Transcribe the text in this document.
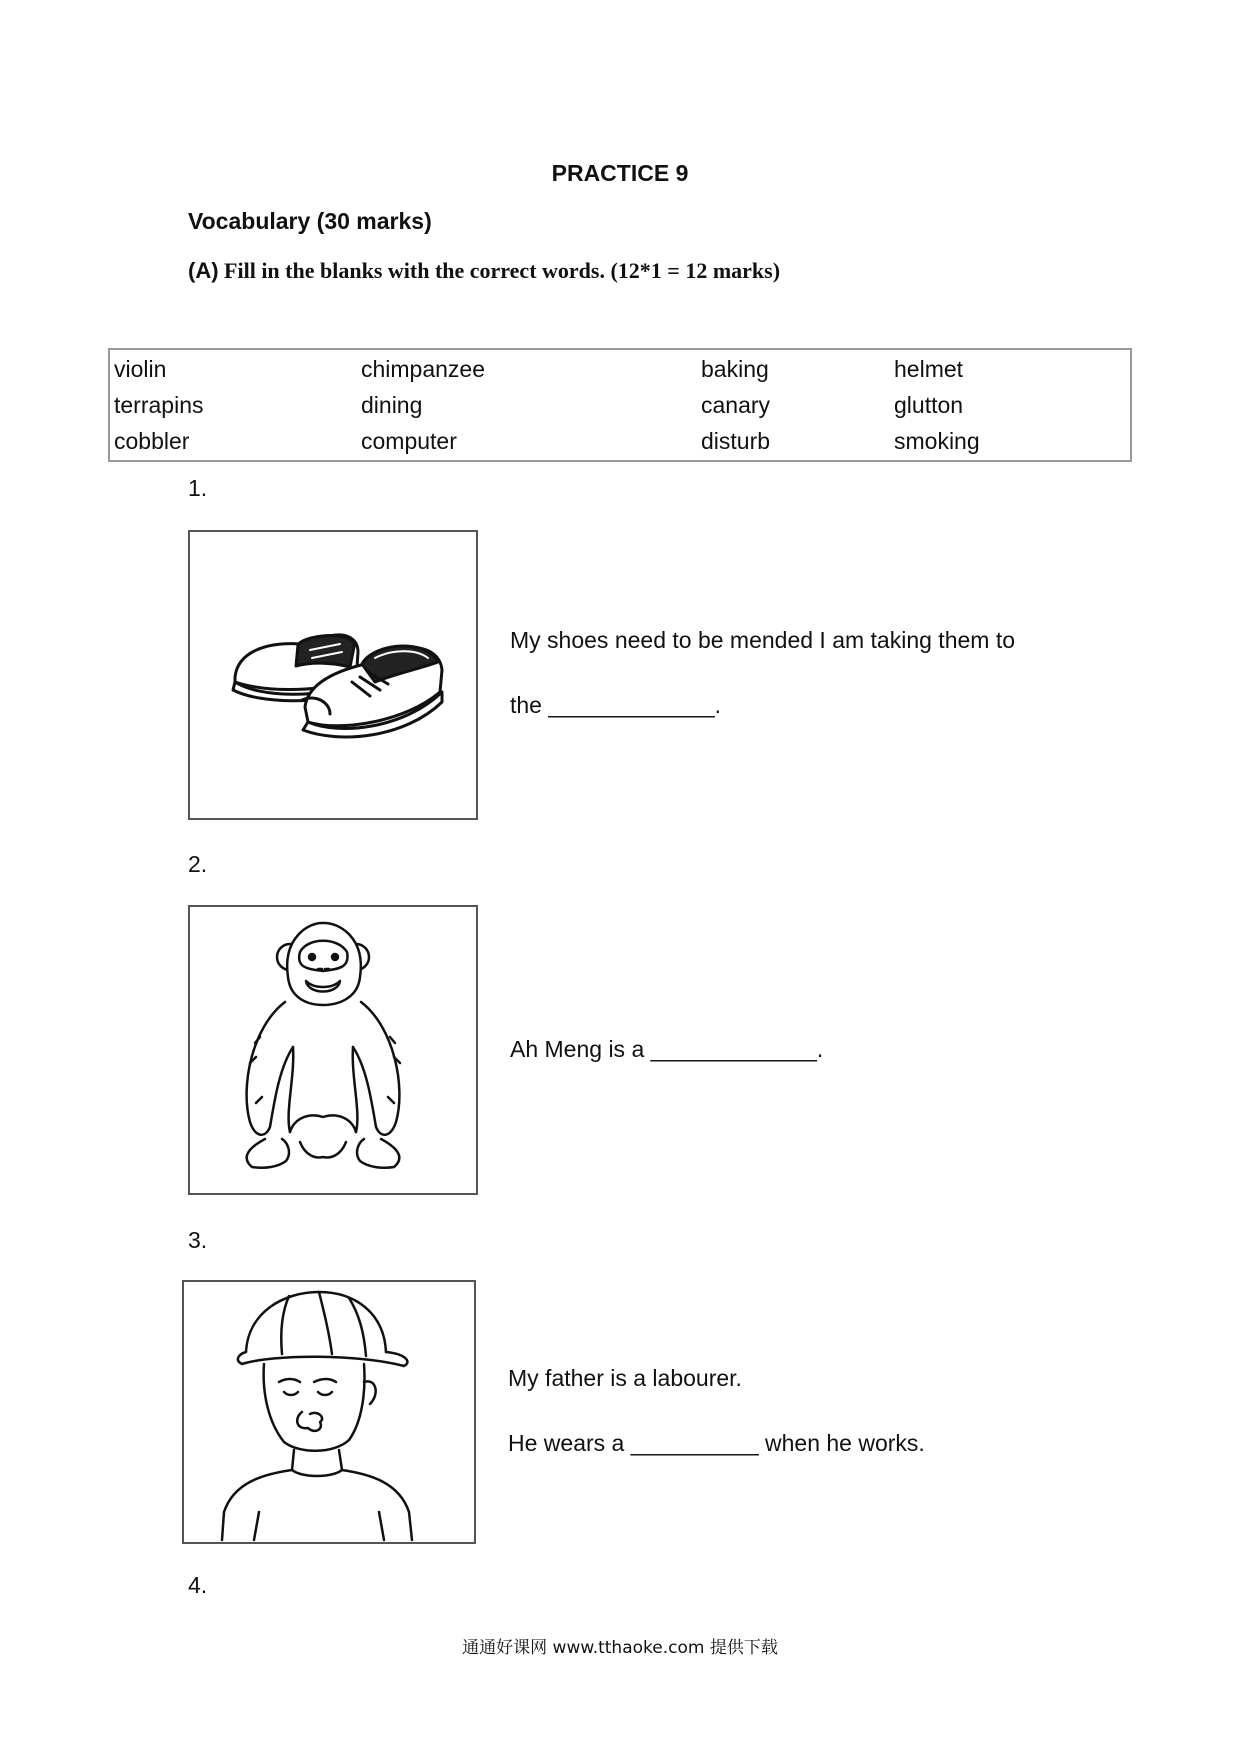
PRACTICE 9
Vocabulary (30 marks)
(A) Fill in the blanks with the correct words. (12*1 = 12 marks)
violin
terrapins
cobbler
chimpanzee
dining
computer
baking
canary
disturb
helmet
glutton
smoking
1.
My shoes need to be mended I am taking them to
the _____________.
2.
Ah Meng is a _____________.
3.
My father is a labourer.
He wears a __________ when he works.
4.
通通好课网 www.tthaoke.com 提供下载
